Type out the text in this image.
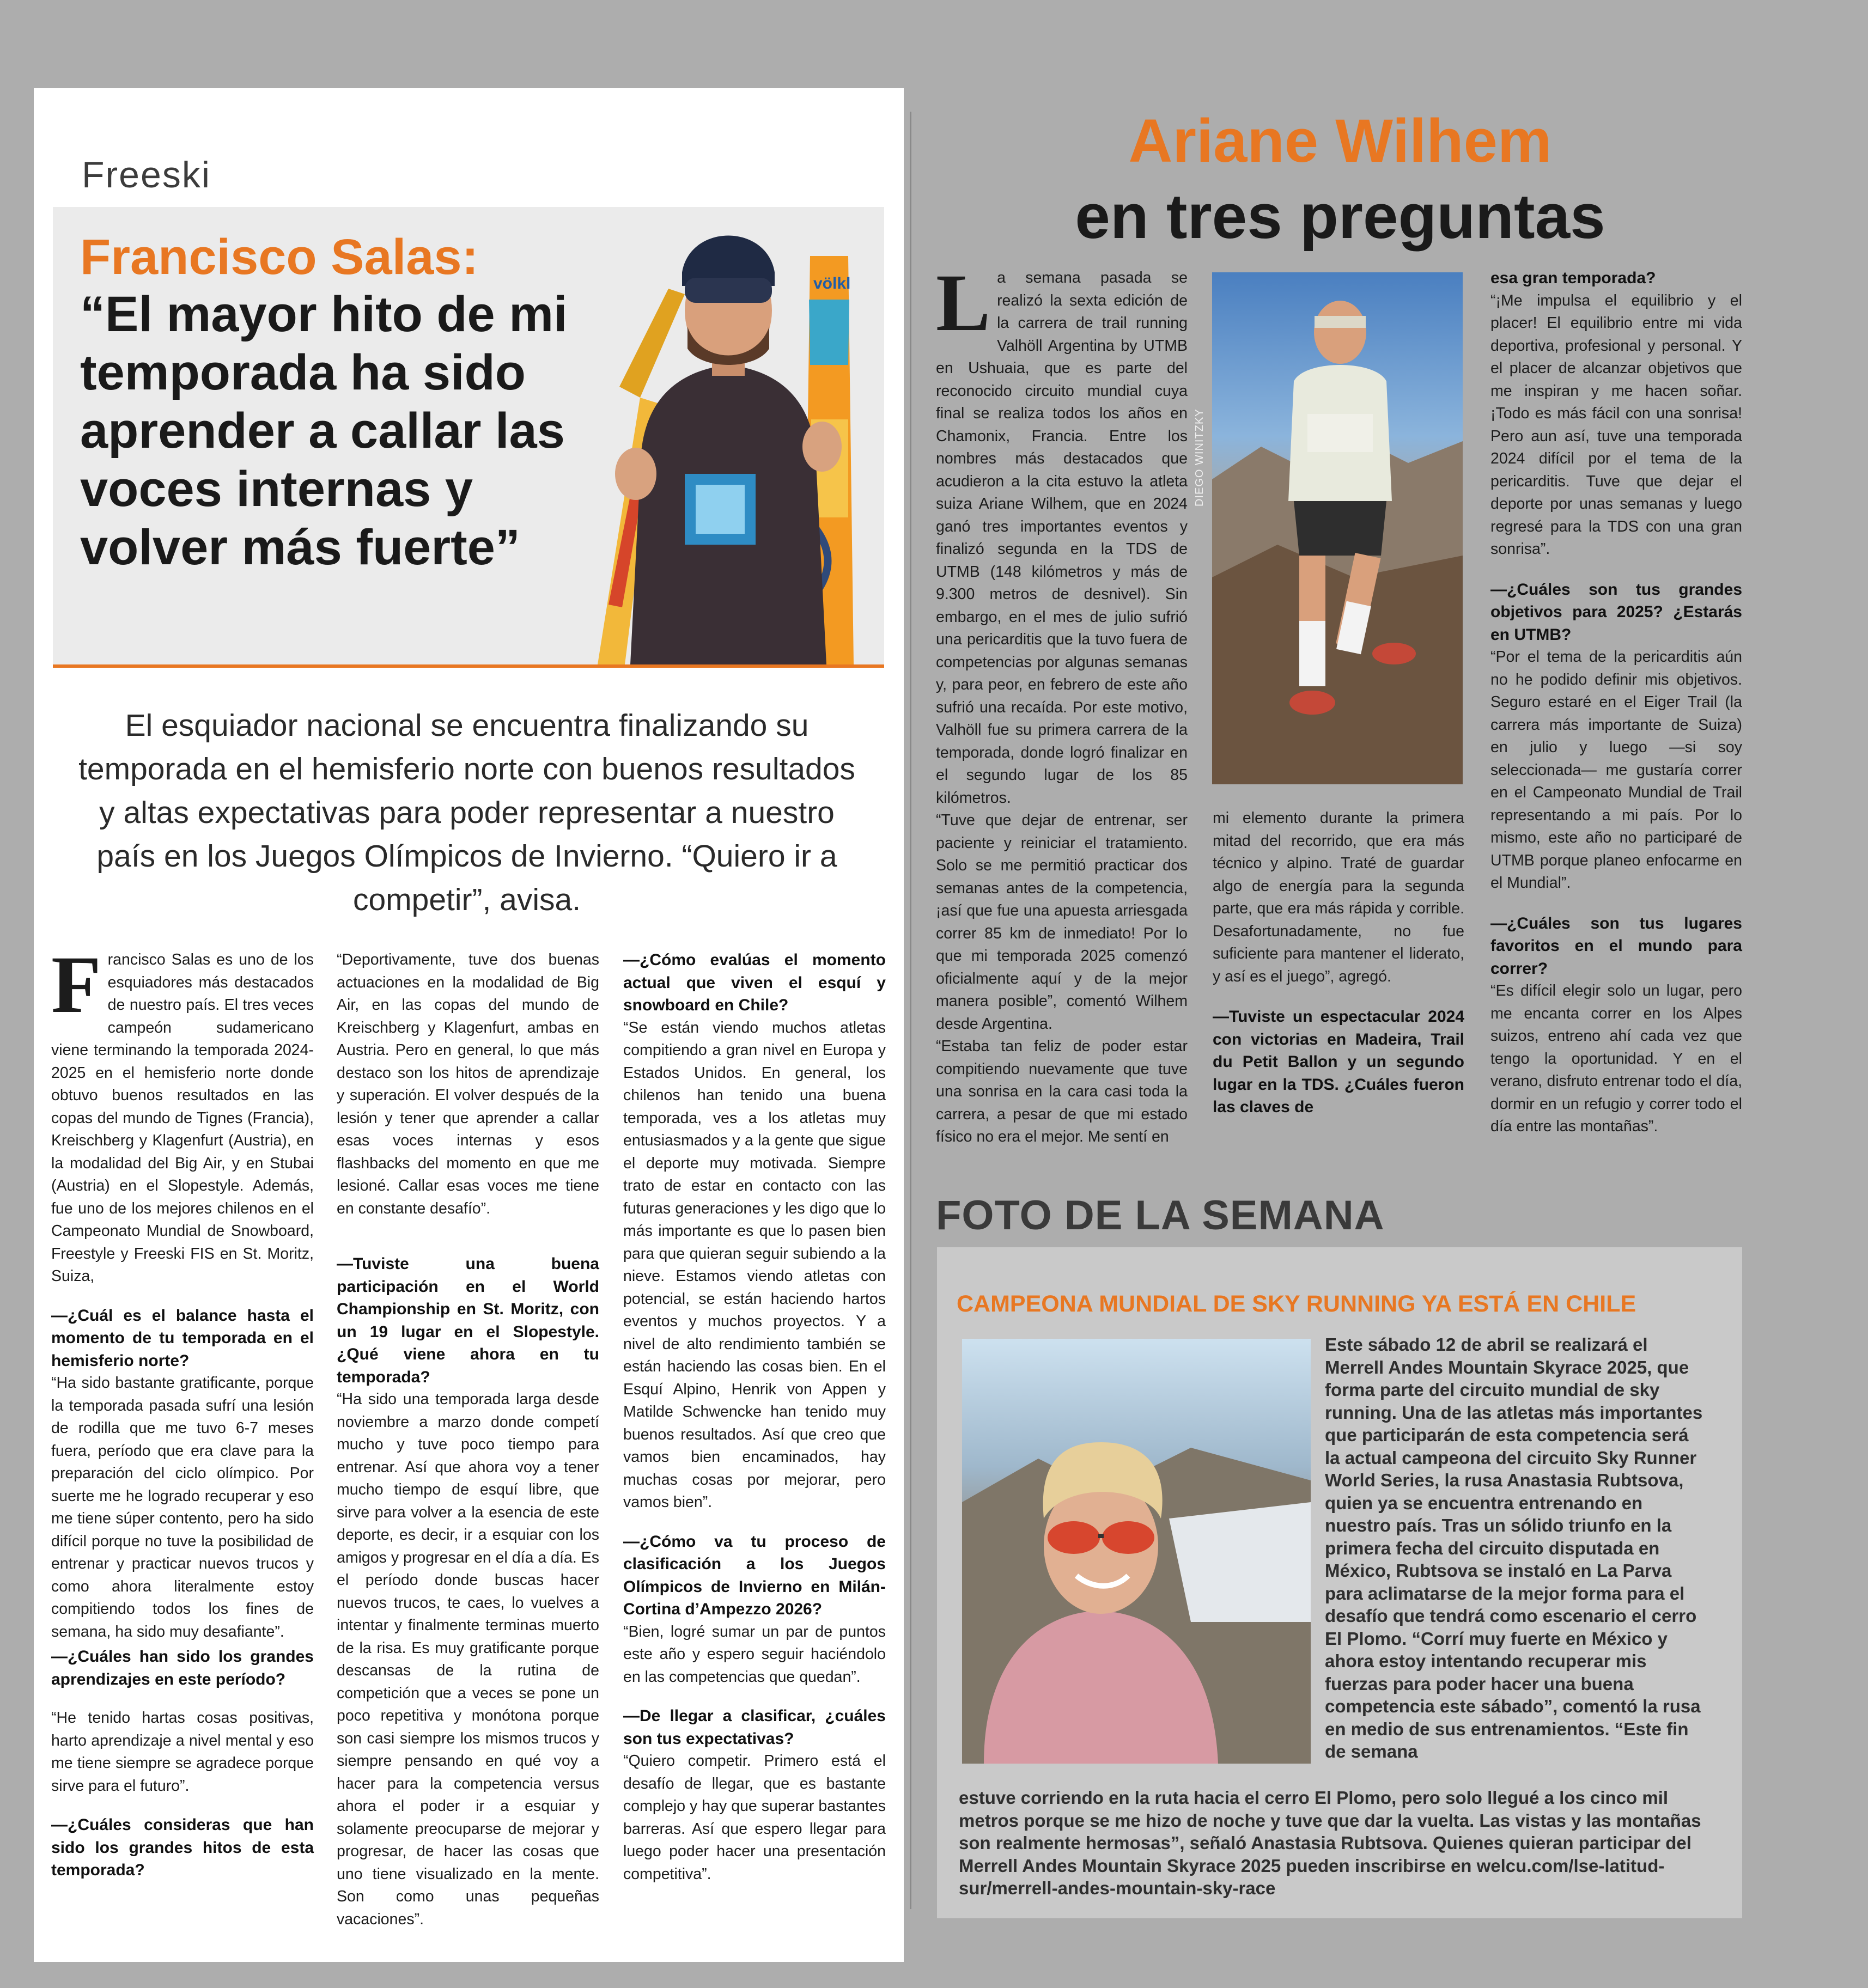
Freeski
Francisco Salas:
“El mayor hito de mi temporada ha sido aprender a callar las voces internas y volver más fuerte”
völkl
El esquiador nacional se encuentra finalizando su temporada en el hemisferio norte con buenos resultados y altas expectativas para poder representar a nuestro país en los Juegos Olímpicos de Invierno. “Quiero ir a competir”, avisa.

Francisco Salas es uno de los esquiadores más destacados de nuestro país. El tres veces campeón sudamericano viene terminando la temporada 2024-2025 en el hemisferio norte donde obtuvo buenos resultados en las copas del mundo de Tignes (Francia), Kreischberg y Klagenfurt (Austria), en la modalidad del Big Air, y en Stubai (Austria) en el Slopestyle. Además, fue uno de los mejores chilenos en el Campeonato Mundial de Snowboard, Freestyle y Freeski FIS en St. Moritz, Suiza,

—¿Cuál es el balance hasta el momento de tu temporada en el hemisferio norte?

“Ha sido bastante gratificante, porque la temporada pasada sufrí una lesión de rodilla que me tuvo 6-7 meses fuera, período que era clave para la preparación del ciclo olímpico. Por suerte me he logrado recuperar y eso me tiene súper contento, pero ha sido difícil porque no tuve la posibilidad de entrenar y practicar nuevos trucos y como ahora literalmente estoy compitiendo todos los fines de semana, ha sido muy desafiante”.

—¿Cuáles han sido los grandes aprendizajes en este período?

“He tenido hartas cosas positivas, harto aprendizaje a nivel mental y eso me tiene siempre se agradece porque sirve para el futuro”.

—¿Cuáles consideras que han sido los grandes hitos de esta temporada?

“Deportivamente, tuve dos buenas actuaciones en la modalidad de Big Air, en las copas del mundo de Kreischberg y Klagenfurt, ambas en Austria. Pero en general, lo que más destaco son los hitos de aprendizaje y superación. El volver después de la lesión y tener que aprender a callar esas voces internas y esos flashbacks del momento en que me lesioné. Callar esas voces me tiene en constante desafío”.

—Tuviste una buena participación en el World Championship en St. Moritz, con un 19 lugar en el Slopestyle. ¿Qué viene ahora en tu temporada?

“Ha sido una temporada larga desde noviembre a marzo donde competí mucho y tuve poco tiempo para entrenar. Así que ahora voy a tener mucho tiempo de esquí libre, que sirve para volver a la esencia de este deporte, es decir, ir a esquiar con los amigos y progresar en el día a día. Es el período donde buscas hacer nuevos trucos, te caes, lo vuelves a intentar y finalmente terminas muerto de la risa. Es muy gratificante porque descansas de la rutina de competición que a veces se pone un poco repetitiva y monótona porque son casi siempre los mismos trucos y siempre pensando en qué voy a hacer para la competencia versus ahora el poder ir a esquiar y solamente preocuparse de mejorar y progresar, de hacer las cosas que uno tiene visualizado en la mente. Son como unas pequeñas vacaciones”.

—¿Cómo evalúas el momento actual que viven el esquí y snowboard en Chile?

“Se están viendo muchos atletas compitiendo a gran nivel en Europa y Estados Unidos. En general, los chilenos han tenido una buena temporada, ves a los atletas muy entusiasmados y a la gente que sigue el deporte muy motivada. Siempre trato de estar en contacto con las futuras generaciones y les digo que lo más importante es que lo pasen bien para que quieran seguir subiendo a la nieve. Estamos viendo atletas con potencial, se están haciendo hartos eventos y muchos proyectos. Y a nivel de alto rendimiento también se están haciendo las cosas bien. En el Esquí Alpino, Henrik von Appen y Matilde Schwencke han tenido muy buenos resultados. Así que creo que vamos bien encaminados, hay muchas cosas por mejorar, pero vamos bien”.

—¿Cómo va tu proceso de clasificación a los Juegos Olímpicos de Invierno en Milán-Cortina d’Ampezzo 2026?

“Bien, logré sumar un par de puntos este año y espero seguir haciéndolo en las competencias que quedan”.

—De llegar a clasificar, ¿cuáles son tus expectativas?

“Quiero competir. Primero está el desafío de llegar, que es bastante complejo y hay que superar bastantes barreras. Así que espero llegar para luego poder hacer una presentación competitiva”.

Ariane Wilhem
en tres preguntas
DIEGO WINITZKY

La semana pasada se realizó la sexta edición de la carrera de trail running Valhöll Argentina by UTMB en Ushuaia, que es parte del reconocido circuito mundial cuya final se realiza todos los años en Chamonix, Francia. Entre los nombres más destacados que acudieron a la cita estuvo la atleta suiza Ariane Wilhem, que en 2024 ganó tres importantes eventos y finalizó segunda en la TDS de UTMB (148 kilómetros y más de 9.300 metros de desnivel). Sin embargo, en el mes de julio sufrió una pericarditis que la tuvo fuera de competencias por algunas semanas y, para peor, en febrero de este año sufrió una recaída. Por este motivo, Valhöll fue su primera carrera de la temporada, donde logró finalizar en el segundo lugar de los 85 kilómetros.

“Tuve que dejar de entrenar, ser paciente y reiniciar el tratamiento. Solo se me permitió practicar dos semanas antes de la competencia, ¡así que fue una apuesta arriesgada correr 85 km de inmediato! Por lo que mi temporada 2025 comenzó oficialmente aquí y de la mejor manera posible”, comentó Wilhem desde Argentina.

“Estaba tan feliz de poder estar compitiendo nuevamente que tuve una sonrisa en la cara casi toda la carrera, a pesar de que mi estado físico no era el mejor. Me sentí en

mi elemento durante la primera mitad del recorrido, que era más técnico y alpino. Traté de guardar algo de energía para la segunda parte, que era más rápida y corrible. Desafortunadamente, no fue suficiente para mantener el liderato, y así es el juego”, agregó.

—Tuviste un espectacular 2024 con victorias en Madeira, Trail du Petit Ballon y un segundo lugar en la TDS. ¿Cuáles fueron las claves de

esa gran temporada?

“¡Me impulsa el equilibrio y el placer! El equilibrio entre mi vida deportiva, profesional y personal. Y el placer de alcanzar objetivos que me inspiran y me hacen soñar. ¡Todo es más fácil con una sonrisa! Pero aun así, tuve una temporada 2024 difícil por el tema de la pericarditis. Tuve que dejar el deporte por unas semanas y luego regresé para la TDS con una gran sonrisa”.

—¿Cuáles son tus grandes objetivos para 2025? ¿Estarás en UTMB?

“Por el tema de la pericarditis aún no he podido definir mis objetivos. Seguro estaré en el Eiger Trail (la carrera más importante de Suiza) en julio y luego —si soy seleccionada— me gustaría correr en el Campeonato Mundial de Trail representando a mi país. Por lo mismo, este año no participaré de UTMB porque planeo enfocarme en el Mundial”.

—¿Cuáles son tus lugares favoritos en el mundo para correr?

“Es difícil elegir solo un lugar, pero me encanta correr en los Alpes suizos, entreno ahí cada vez que tengo la oportunidad. Y en el verano, disfruto entrenar todo el día, dormir en un refugio y correr todo el día entre las montañas”.

FOTO DE LA SEMANA
CAMPEONA MUNDIAL DE SKY RUNNING YA ESTÁ EN CHILE
Este sábado 12 de abril se realizará el Merrell Andes Mountain Skyrace 2025, que forma parte del circuito mundial de sky running. Una de las atletas más importantes que participarán de esta competencia será la actual campeona del circuito Sky Runner World Series, la rusa Anastasia Rubtsova, quien ya se encuentra entrenando en nuestro país. Tras un sólido triunfo en la primera fecha del circuito disputada en México, Rubtsova se instaló en La Parva para aclimatarse de la mejor forma para el desafío que tendrá como escenario el cerro El Plomo. “Corrí muy fuerte en México y ahora estoy intentando recuperar mis fuerzas para poder hacer una buena competencia este sábado”, comentó la rusa en medio de sus entrenamientos. “Este fin de semana
estuve corriendo en la ruta hacia el cerro El Plomo, pero solo llegué a los cinco mil metros porque se me hizo de noche y tuve que dar la vuelta. Las vistas y las montañas son realmente hermosas”, señaló Anastasia Rubtsova. Quienes quieran participar del Merrell Andes Mountain Skyrace 2025 pueden inscribirse en welcu.com/lse-latitud-sur/merrell-andes-mountain-sky-race
